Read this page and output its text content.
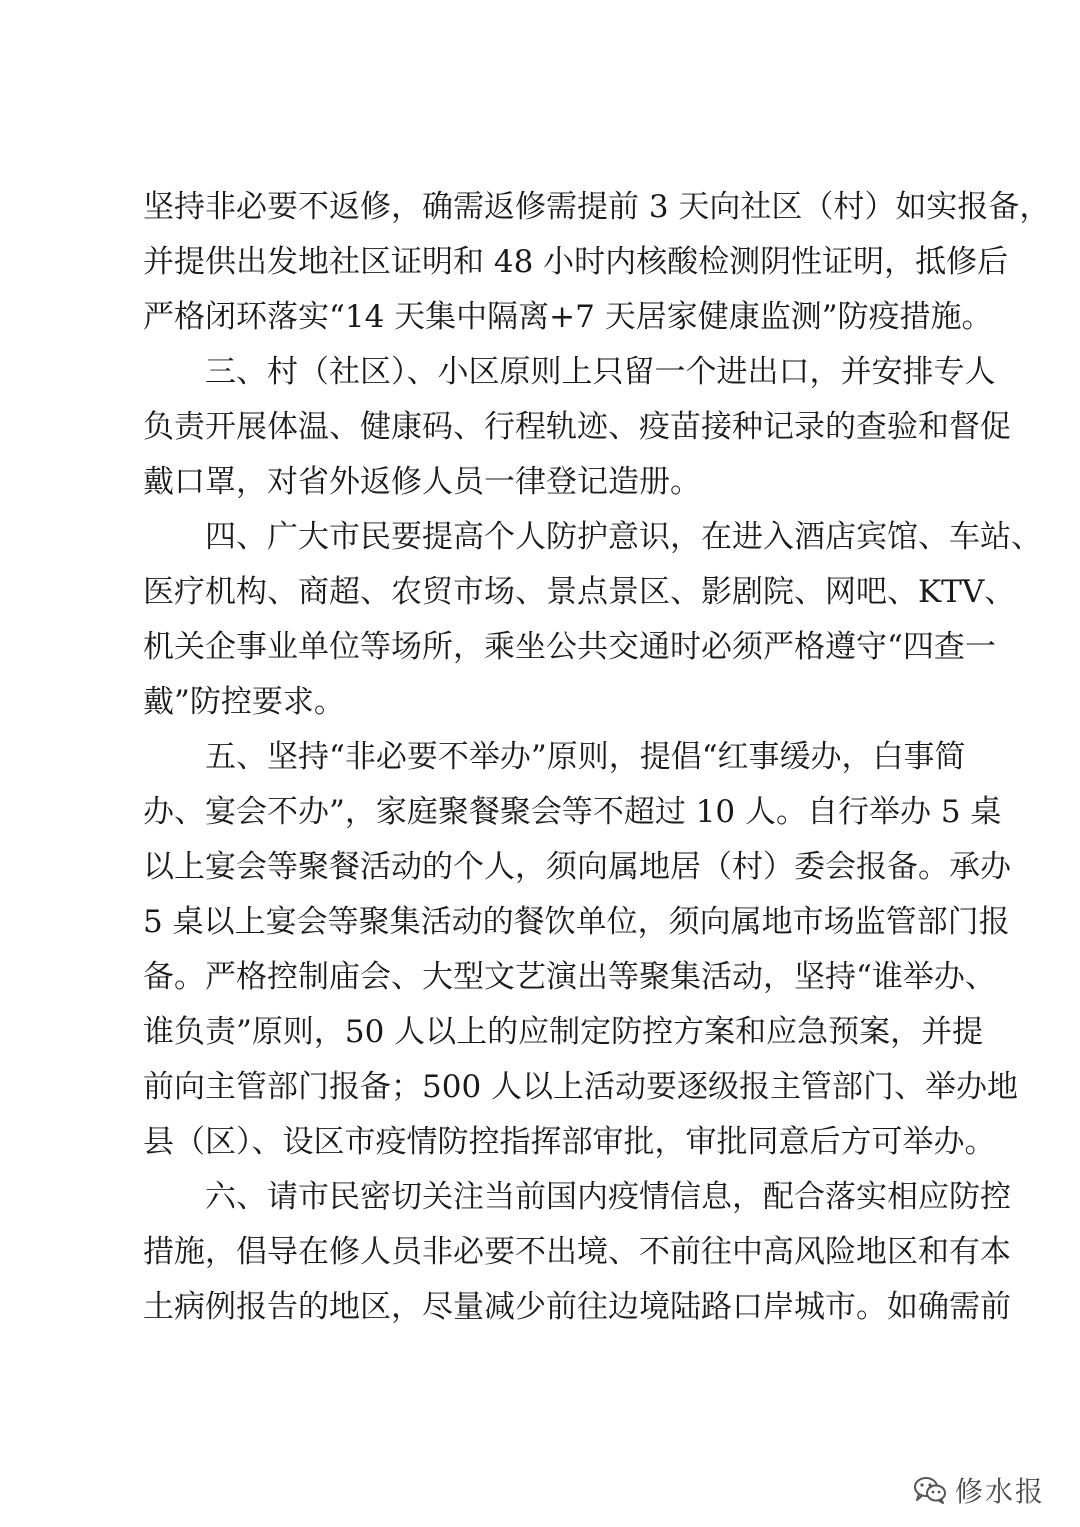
坚持非必要不返修，确需返修需提前 3 天向社区（村）如实报备，
并提供出发地社区证明和 48 小时内核酸检测阴性证明，抵修后
严格闭环落实“14 天集中隔离+7 天居家健康监测”防疫措施。
　　三、村（社区）、小区原则上只留一个进出口，并安排专人
负责开展体温、健康码、行程轨迹、疫苗接种记录的查验和督促
戴口罩，对省外返修人员一律登记造册。
　　四、广大市民要提高个人防护意识，在进入酒店宾馆、车站、
医疗机构、商超、农贸市场、景点景区、影剧院、网吧、KTV、
机关企事业单位等场所，乘坐公共交通时必须严格遵守“四查一
戴”防控要求。
　　五、坚持“非必要不举办”原则，提倡“红事缓办，白事简
办、宴会不办”，家庭聚餐聚会等不超过 10 人。自行举办 5 桌
以上宴会等聚餐活动的个人，须向属地居（村）委会报备。承办
5 桌以上宴会等聚集活动的餐饮单位，须向属地市场监管部门报
备。严格控制庙会、大型文艺演出等聚集活动，坚持“谁举办、
谁负责”原则，50 人以上的应制定防控方案和应急预案，并提
前向主管部门报备；500 人以上活动要逐级报主管部门、举办地
县（区）、设区市疫情防控指挥部审批，审批同意后方可举办。
　　六、请市民密切关注当前国内疫情信息，配合落实相应防控
措施，倡导在修人员非必要不出境、不前往中高风险地区和有本
土病例报告的地区，尽量减少前往边境陆路口岸城市。如确需前
修水报
